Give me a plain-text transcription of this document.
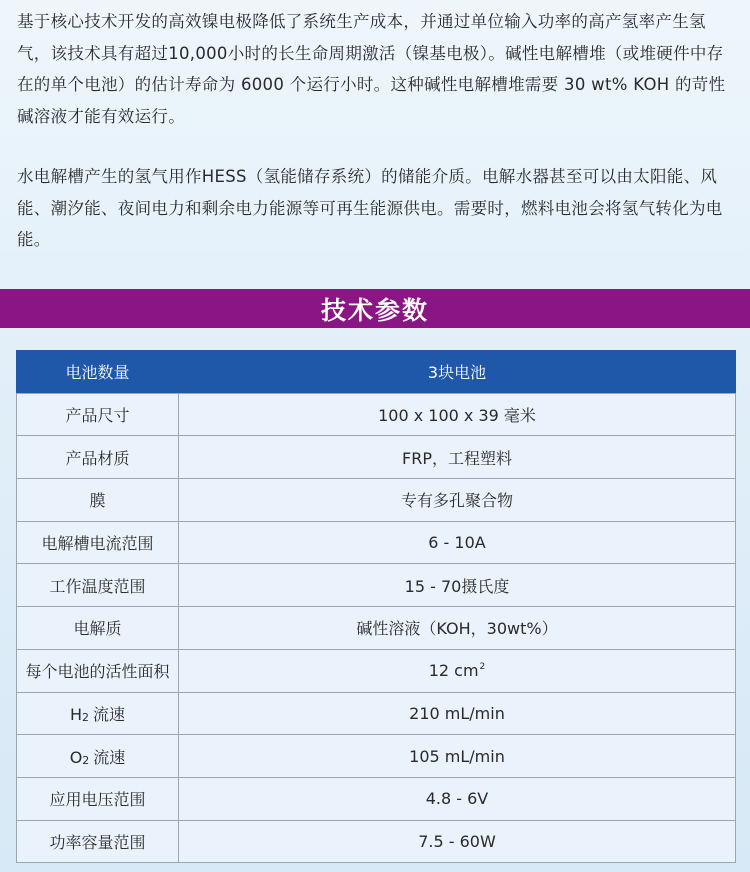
基于核心技术开发的高效镍电极降低了系统生产成本，并通过单位输入功率的高产氢率产生氢气，该技术具有超过10,000小时的长生命周期激活（镍基电极）。碱性电解槽堆（或堆硬件中存在的单个电池）的估计寿命为 6000 个运行小时。这种碱性电解槽堆需要 30 wt% KOH 的苛性碱溶液才能有效运行。

水电解槽产生的氢气用作HESS（氢能储存系统）的储能介质。电解水器甚至可以由太阳能、风能、潮汐能、夜间电力和剩余电力能源等可再生能源供电。需要时，燃料电池会将氢气转化为电能。

技术参数
电池数量	3块电池
产品尺寸	100 x 100 x 39 毫米
产品材质	FRP，工程塑料
膜	专有多孔聚合物
电解槽电流范围	6 - 10A
工作温度范围	15 - 70摄氏度
电解质	碱性溶液（KOH，30wt%）
每个电池的活性面积	12 $cm^2$
H2 流速	210 mL/min
O2 流速	105 mL/min
应用电压范围	4.8 - 6V
功率容量范围	7.5 - 60W
